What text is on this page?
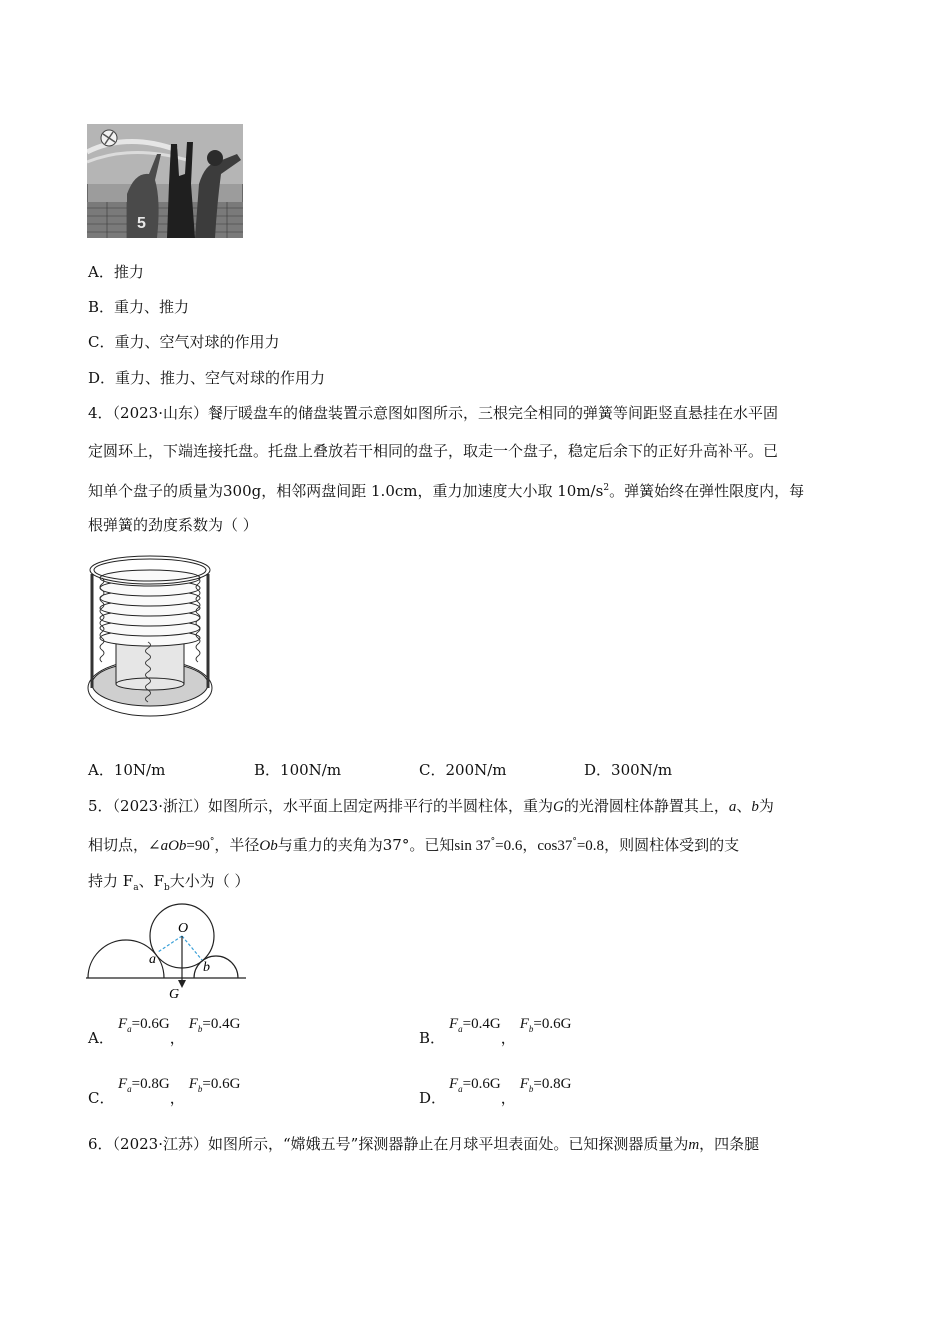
5
A．推力
B．重力、推力
C．重力、空气对球的作用力
D．重力、推力、空气对球的作用力
4．（2023·山东）餐厅暖盘车的储盘装置示意图如图所示，三根完全相同的弹簧等间距竖直悬挂在水平固
定圆环上，下端连接托盘。托盘上叠放若干相同的盘子，取走一个盘子，稳定后余下的正好升高补平。已
知单个盘子的质量为300g，相邻两盘间距 1.0cm，重力加速度大小取 $10m/s^2$。弹簧始终在弹性限度内，每
根弹簧的劲度系数为（ ）
A．10N/m	B．100N/m	C．200N/m	D．300N/m
5．（2023·浙江）如图所示，水平面上固定两排平行的半圆柱体，重为G的光滑圆柱体静置其上，a、b为
相切点，∠aOb=90°，半径Ob与重力的夹角为37°。已知sin 37°=0.6，cos37°=0.8，则圆柱体受到的支
持力 $F_a$、$F_b$大小为（ ）
O
a
b
G
A．
$F_a=0.6G$，$F_b=0.4G$
B．
$F_a=0.4G$，$F_b=0.6G$
C．
$F_a=0.8G$，$F_b=0.6G$
D．
$F_a=0.6G$，$F_b=0.8G$
6．（2023·江苏）如图所示，“嫦娥五号”探测器静止在月球平坦表面处。已知探测器质量为m，四条腿
